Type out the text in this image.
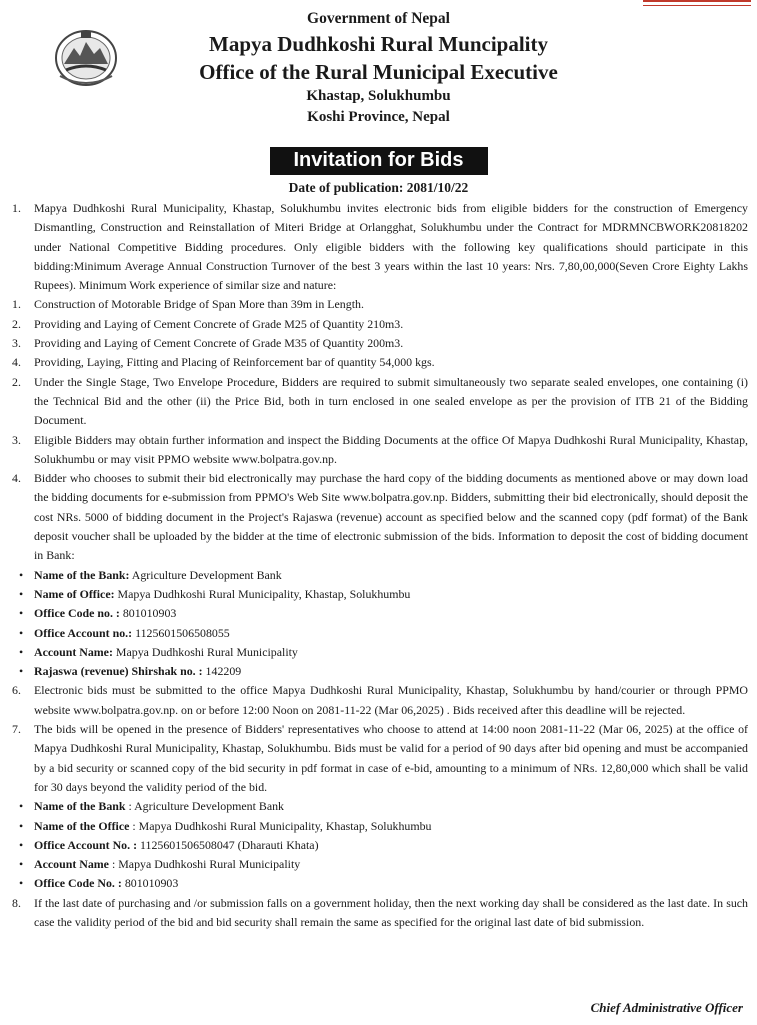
Government of Nepal
Mapya Dudhkoshi Rural Muncipality
Office of the Rural Municipal Executive
Khastap, Solukhumbu
Koshi Province, Nepal
Invitation for Bids
Date of publication: 2081/10/22
1. Mapya Dudhkoshi Rural Municipality, Khastap, Solukhumbu invites electronic bids from eligible bidders for the construction of Emergency Dismantling, Construction and Reinstallation of Miteri Bridge at Orlangghat, Solukhumbu under the Contract for MDRMNCBWORK20818202 under National Competitive Bidding procedures. Only eligible bidders with the following key qualifications should participate in this bidding:Minimum Average Annual Construction Turnover of the best 3 years within the last 10 years: Nrs. 7,80,00,000(Seven Crore Eighty Lakhs Rupees). Minimum Work experience of similar size and nature:
1. Construction of Motorable Bridge of Span More than 39m in Length.
2. Providing and Laying of Cement Concrete of Grade M25 of Quantity 210m3.
3. Providing and Laying of Cement Concrete of Grade M35 of Quantity 200m3.
4. Providing, Laying, Fitting and Placing of Reinforcement bar of quantity 54,000 kgs.
2. Under the Single Stage, Two Envelope Procedure, Bidders are required to submit simultaneously two separate sealed envelopes, one containing (i) the Technical Bid and the other (ii) the Price Bid, both in turn enclosed in one sealed envelope as per the provision of ITB 21 of the Bidding Document.
3. Eligible Bidders may obtain further information and inspect the Bidding Documents at the office Of Mapya Dudhkoshi Rural Municipality, Khastap, Solukhumbu or may visit PPMO website www.bolpatra.gov.np.
4. Bidder who chooses to submit their bid electronically may purchase the hard copy of the bidding documents as mentioned above or may down load the bidding documents for e-submission from PPMO's Web Site www.bolpatra.gov.np. Bidders, submitting their bid electronically, should deposit the cost NRs. 5000 of bidding document in the Project's Rajaswa (revenue) account as specified below and the scanned copy (pdf format) of the Bank deposit voucher shall be uploaded by the bidder at the time of electronic submission of the bids. Information to deposit the cost of bidding document in Bank:
• Name of the Bank: Agriculture Development Bank
• Name of Office: Mapya Dudhkoshi Rural Municipality, Khastap, Solukhumbu
• Office Code no. : 801010903
• Office Account no.: 1125601506508055
• Account Name: Mapya Dudhkoshi Rural Municipality
• Rajaswa (revenue) Shirshak no. : 142209
6. Electronic bids must be submitted to the office Mapya Dudhkoshi Rural Municipality, Khastap, Solukhumbu by hand/courier or through PPMO website www.bolpatra.gov.np. on or before 12:00 Noon on 2081-11-22 (Mar 06,2025) . Bids received after this deadline will be rejected.
7. The bids will be opened in the presence of Bidders' representatives who choose to attend at 14:00 noon 2081-11-22 (Mar 06, 2025) at the office of Mapya Dudhkoshi Rural Municipality, Khastap, Solukhumbu. Bids must be valid for a period of 90 days after bid opening and must be accompanied by a bid security or scanned copy of the bid security in pdf format in case of e-bid, amounting to a minimum of NRs. 12,80,000 which shall be valid for 30 days beyond the validity period of the bid.
• Name of the Bank : Agriculture Development Bank
• Name of the Office : Mapya Dudhkoshi Rural Municipality, Khastap, Solukhumbu
• Office Account No. : 1125601506508047 (Dharauti Khata)
• Account Name : Mapya Dudhkoshi Rural Municipality
• Office Code No. : 801010903
8. If the last date of purchasing and /or submission falls on a government holiday, then the next working day shall be considered as the last date. In such case the validity period of the bid and bid security shall remain the same as specified for the original last date of bid submission.
Chief Administrative Officer
